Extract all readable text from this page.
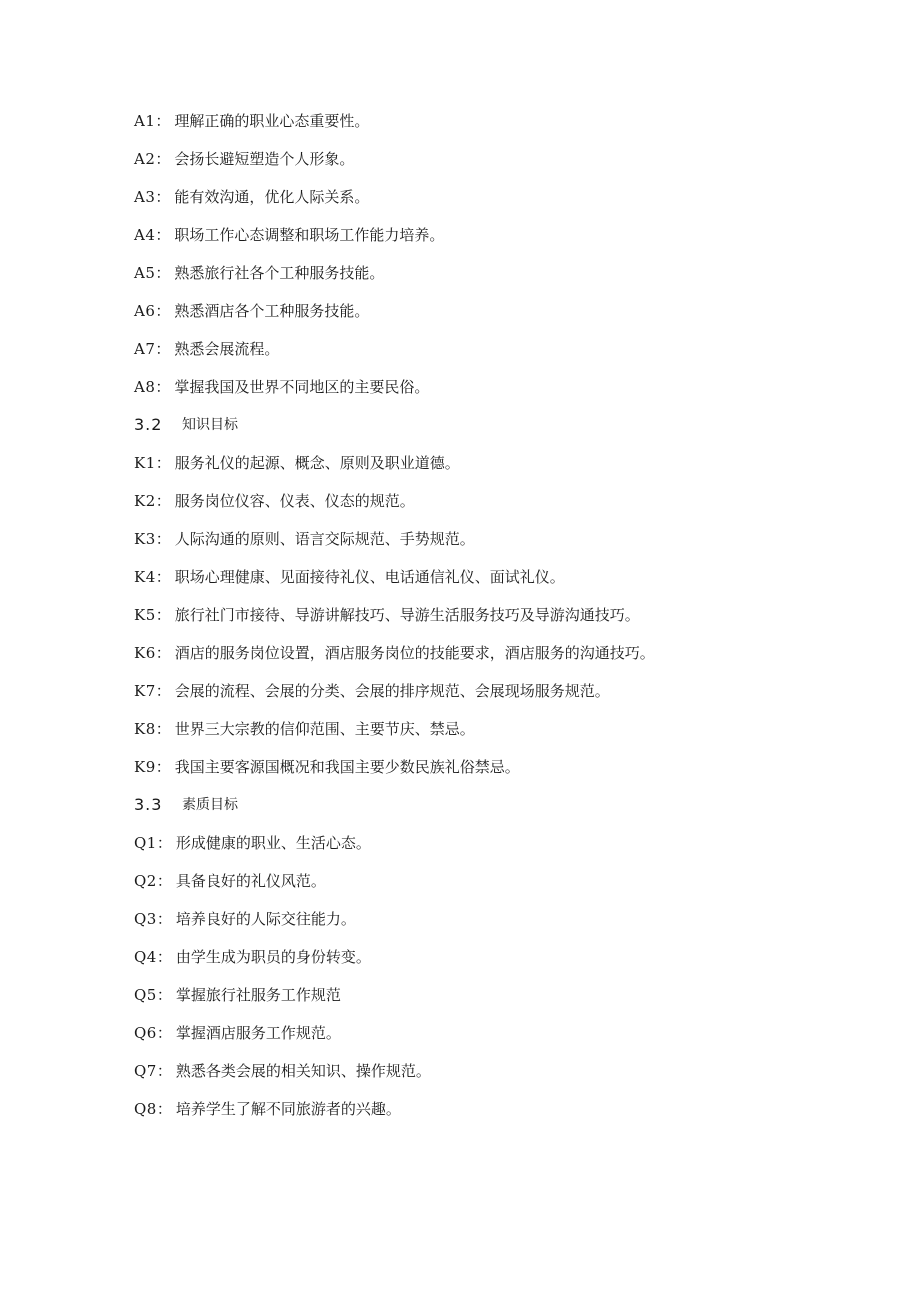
A1 ： 理解正确的职业心态重要性。
A2 ： 会扬长避短塑造个人形象。
A3 ： 能有效沟通，优化人际关系。
A4 ： 职场工作心态调整和职场工作能力培养。
A5 ： 熟悉旅行社各个工种服务技能。
A6 ： 熟悉酒店各个工种服务技能。
A7 ： 熟悉会展流程。
A8 ： 掌握我国及世界不同地区的主要民俗。
3.2	知识目标
K1 ： 服务礼仪的起源、概念、原则及职业道德。
K2 ： 服务岗位仪容、仪表、仪态的规范。
K3 ： 人际沟通的原则、语言交际规范、手势规范。
K4 ： 职场心理健康、见面接待礼仪、电话通信礼仪、面试礼仪。
K5 ： 旅行社门市接待、导游讲解技巧、导游生活服务技巧及导游沟通技巧。
K6 ： 酒店的服务岗位设置，酒店服务岗位的技能要求，酒店服务的沟通技巧。
K7 ： 会展的流程、会展的分类、会展的排序规范、会展现场服务规范。
K8 ： 世界三大宗教的信仰范围、主要节庆、禁忌。
K9 ： 我国主要客源国概况和我国主要少数民族礼俗禁忌。
3.3	素质目标
Q1 ： 形成健康的职业、生活心态。
Q2 ： 具备良好的礼仪风范。
Q3 ： 培养良好的人际交往能力。
Q4 ： 由学生成为职员的身份转变。
Q5 ： 掌握旅行社服务工作规范
Q6 ： 掌握酒店服务工作规范。
Q7 ： 熟悉各类会展的相关知识、操作规范。
Q8 ： 培养学生了解不同旅游者的兴趣。
